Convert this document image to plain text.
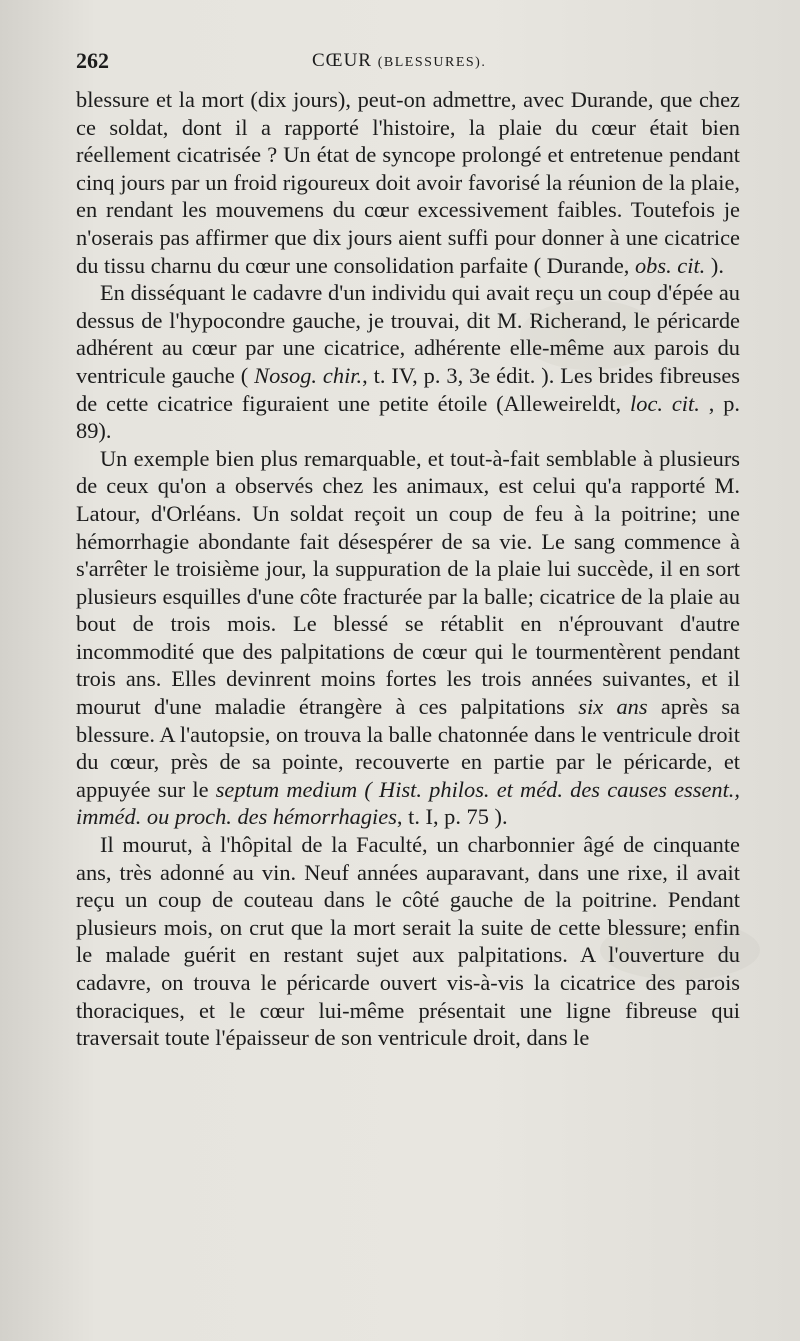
262	CŒUR (BLESSURES).

blessure et la mort (dix jours), peut-on admettre, avec Durande, que chez ce soldat, dont il a rapporté l'histoire, la plaie du cœur était bien réellement cicatrisée ? Un état de syncope prolongé et entretenue pendant cinq jours par un froid rigoureux doit avoir favorisé la réunion de la plaie, en rendant les mouvemens du cœur excessivement faibles. Toutefois je n'oserais pas affirmer que dix jours aient suffi pour donner à une cicatrice du tissu charnu du cœur une consolidation parfaite ( Durande, obs. cit. ).

En disséquant le cadavre d'un individu qui avait reçu un coup d'épée au dessus de l'hypocondre gauche, je trouvai, dit M. Richerand, le péricarde adhérent au cœur par une cicatrice, adhérente elle-même aux parois du ventricule gauche ( Nosog. chir., t. IV, p. 3, 3e édit. ). Les brides fibreuses de cette cicatrice figuraient une petite étoile (Alleweireldt, loc. cit. , p. 89).

Un exemple bien plus remarquable, et tout-à-fait semblable à plusieurs de ceux qu'on a observés chez les animaux, est celui qu'a rapporté M. Latour, d'Orléans. Un soldat reçoit un coup de feu à la poitrine; une hémorrhagie abondante fait désespérer de sa vie. Le sang commence à s'arrêter le troisième jour, la suppuration de la plaie lui succède, il en sort plusieurs esquilles d'une côte fracturée par la balle; cicatrice de la plaie au bout de trois mois. Le blessé se rétablit en n'éprouvant d'autre incommodité que des palpitations de cœur qui le tourmentèrent pendant trois ans. Elles devinrent moins fortes les trois années suivantes, et il mourut d'une maladie étrangère à ces palpitations six ans après sa blessure. A l'autopsie, on trouva la balle chatonnée dans le ventricule droit du cœur, près de sa pointe, recouverte en partie par le péricarde, et appuyée sur le septum medium ( Hist. philos. et méd. des causes essent., imméd. ou proch. des hémorrhagies, t. I, p. 75 ).

Il mourut, à l'hôpital de la Faculté, un charbonnier âgé de cinquante ans, très adonné au vin. Neuf années auparavant, dans une rixe, il avait reçu un coup de couteau dans le côté gauche de la poitrine. Pendant plusieurs mois, on crut que la mort serait la suite de cette blessure; enfin le malade guérit en restant sujet aux palpitations. A l'ouverture du cadavre, on trouva le péricarde ouvert vis-à-vis la cicatrice des parois thoraciques, et le cœur lui-même présentait une ligne fibreuse qui traversait toute l'épaisseur de son ventricule droit, dans le
